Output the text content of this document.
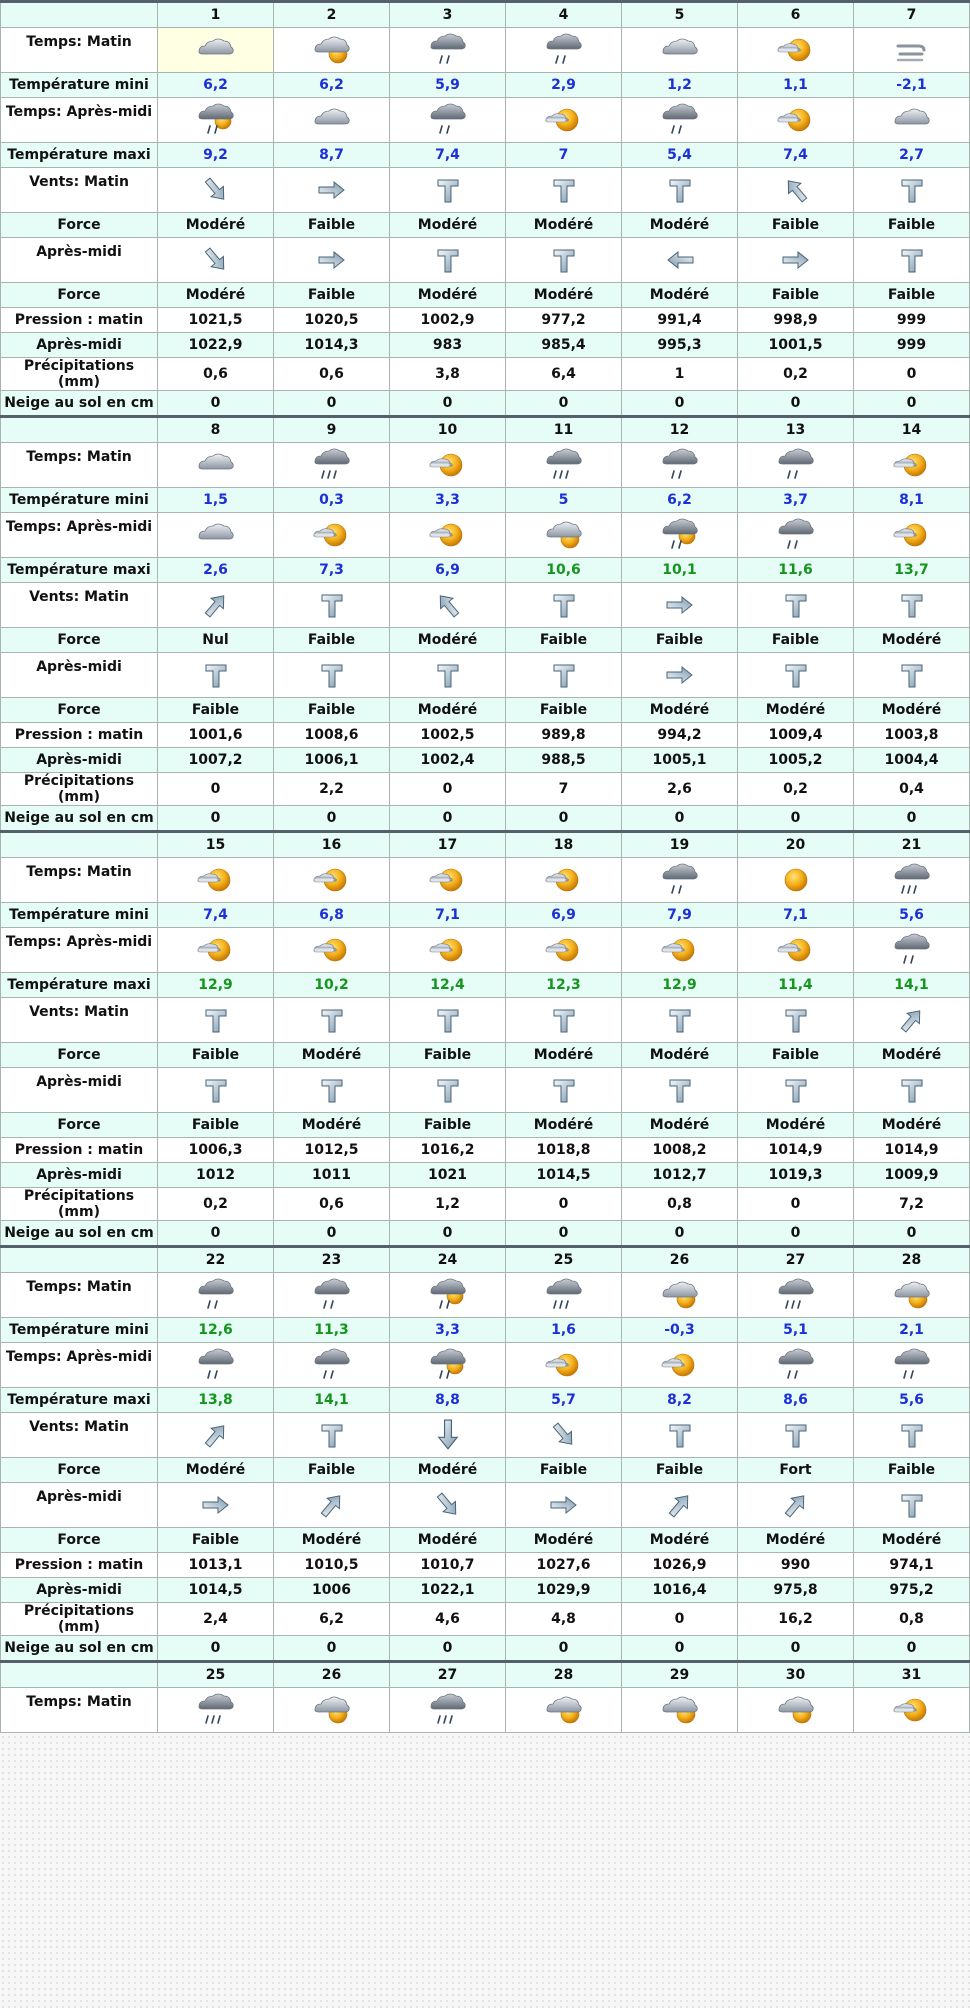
	1	2	3	4	5	6	7
Temps: Matin	

Température mini	6,2	6,2	5,9	2,9	1,2	1,1	-2,1
Temps: Après-midi	

Température maxi	9,2	8,7	7,4	7	5,4	7,4	2,7
Vents: Matin	

Force	Modéré	Faible	Modéré	Modéré	Modéré	Faible	Faible
Après-midi	

Force	Modéré	Faible	Modéré	Modéré	Modéré	Faible	Faible
Pression : matin	1021,5	1020,5	1002,9	977,2	991,4	998,9	999
Après-midi	1022,9	1014,3	983	985,4	995,3	1001,5	999
Précipitations (mm)	0,6	0,6	3,8	6,4	1	0,2	0
Neige au sol en cm	0	0	0	0	0	0	0
	8	9	10	11	12	13	14
Temps: Matin	

Température mini	1,5	0,3	3,3	5	6,2	3,7	8,1
Temps: Après-midi	

Température maxi	2,6	7,3	6,9	10,6	10,1	11,6	13,7
Vents: Matin	

Force	Nul	Faible	Modéré	Faible	Faible	Faible	Modéré
Après-midi	

Force	Faible	Faible	Modéré	Faible	Modéré	Modéré	Modéré
Pression : matin	1001,6	1008,6	1002,5	989,8	994,2	1009,4	1003,8
Après-midi	1007,2	1006,1	1002,4	988,5	1005,1	1005,2	1004,4
Précipitations (mm)	0	2,2	0	7	2,6	0,2	0,4
Neige au sol en cm	0	0	0	0	0	0	0
	15	16	17	18	19	20	21
Temps: Matin	

Température mini	7,4	6,8	7,1	6,9	7,9	7,1	5,6
Temps: Après-midi	

Température maxi	12,9	10,2	12,4	12,3	12,9	11,4	14,1
Vents: Matin	

Force	Faible	Modéré	Faible	Modéré	Modéré	Faible	Modéré
Après-midi	

Force	Faible	Modéré	Faible	Modéré	Modéré	Modéré	Modéré
Pression : matin	1006,3	1012,5	1016,2	1018,8	1008,2	1014,9	1014,9
Après-midi	1012	1011	1021	1014,5	1012,7	1019,3	1009,9
Précipitations (mm)	0,2	0,6	1,2	0	0,8	0	7,2
Neige au sol en cm	0	0	0	0	0	0	0
	22	23	24	25	26	27	28
Temps: Matin	

Température mini	12,6	11,3	3,3	1,6	-0,3	5,1	2,1
Temps: Après-midi	

Température maxi	13,8	14,1	8,8	5,7	8,2	8,6	5,6
Vents: Matin	

Force	Modéré	Faible	Modéré	Faible	Faible	Fort	Faible
Après-midi	

Force	Faible	Modéré	Modéré	Modéré	Modéré	Modéré	Modéré
Pression : matin	1013,1	1010,5	1010,7	1027,6	1026,9	990	974,1
Après-midi	1014,5	1006	1022,1	1029,9	1016,4	975,8	975,2
Précipitations (mm)	2,4	6,2	4,6	4,8	0	16,2	0,8
Neige au sol en cm	0	0	0	0	0	0	0
	25	26	27	28	29	30	31
Temps: Matin	
